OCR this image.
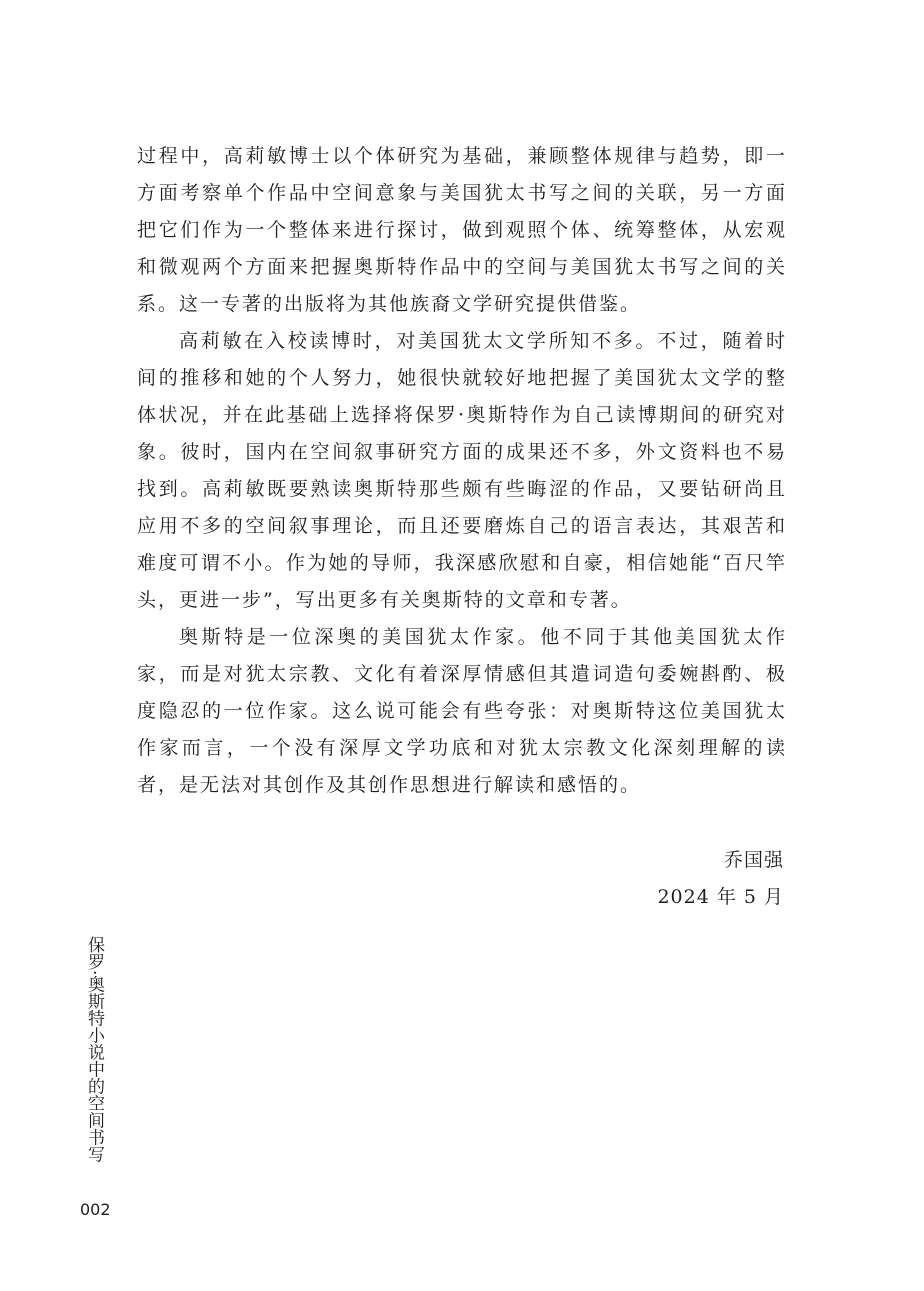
过程中，高莉敏博士以个体研究为基础，兼顾整体规律与趋势，即一方面考察单个作品中空间意象与美国犹太书写之间的关联，另一方面把它们作为一个整体来进行探讨，做到观照个体、统筹整体，从宏观和微观两个方面来把握奥斯特作品中的空间与美国犹太书写之间的关系。这一专著的出版将为其他族裔文学研究提供借鉴。

高莉敏在入校读博时，对美国犹太文学所知不多。不过，随着时间的推移和她的个人努力，她很快就较好地把握了美国犹太文学的整体状况，并在此基础上选择将保罗·奥斯特作为自己读博期间的研究对象。彼时，国内在空间叙事研究方面的成果还不多，外文资料也不易找到。高莉敏既要熟读奥斯特那些颇有些晦涩的作品，又要钻研尚且应用不多的空间叙事理论，而且还要磨炼自己的语言表达，其艰苦和难度可谓不小。作为她的导师，我深感欣慰和自豪，相信她能“百尺竿头，更进一步”，写出更多有关奥斯特的文章和专著。

奥斯特是一位深奥的美国犹太作家。他不同于其他美国犹太作家，而是对犹太宗教、文化有着深厚情感但其遣词造句委婉斟酌、极度隐忍的一位作家。这么说可能会有些夸张：对奥斯特这位美国犹太作家而言，一个没有深厚文学功底和对犹太宗教文化深刻理解的读者，是无法对其创作及其创作思想进行解读和感悟的。

乔国强
2024 年 5 月
保罗·奥斯特小说中的空间书写
002
